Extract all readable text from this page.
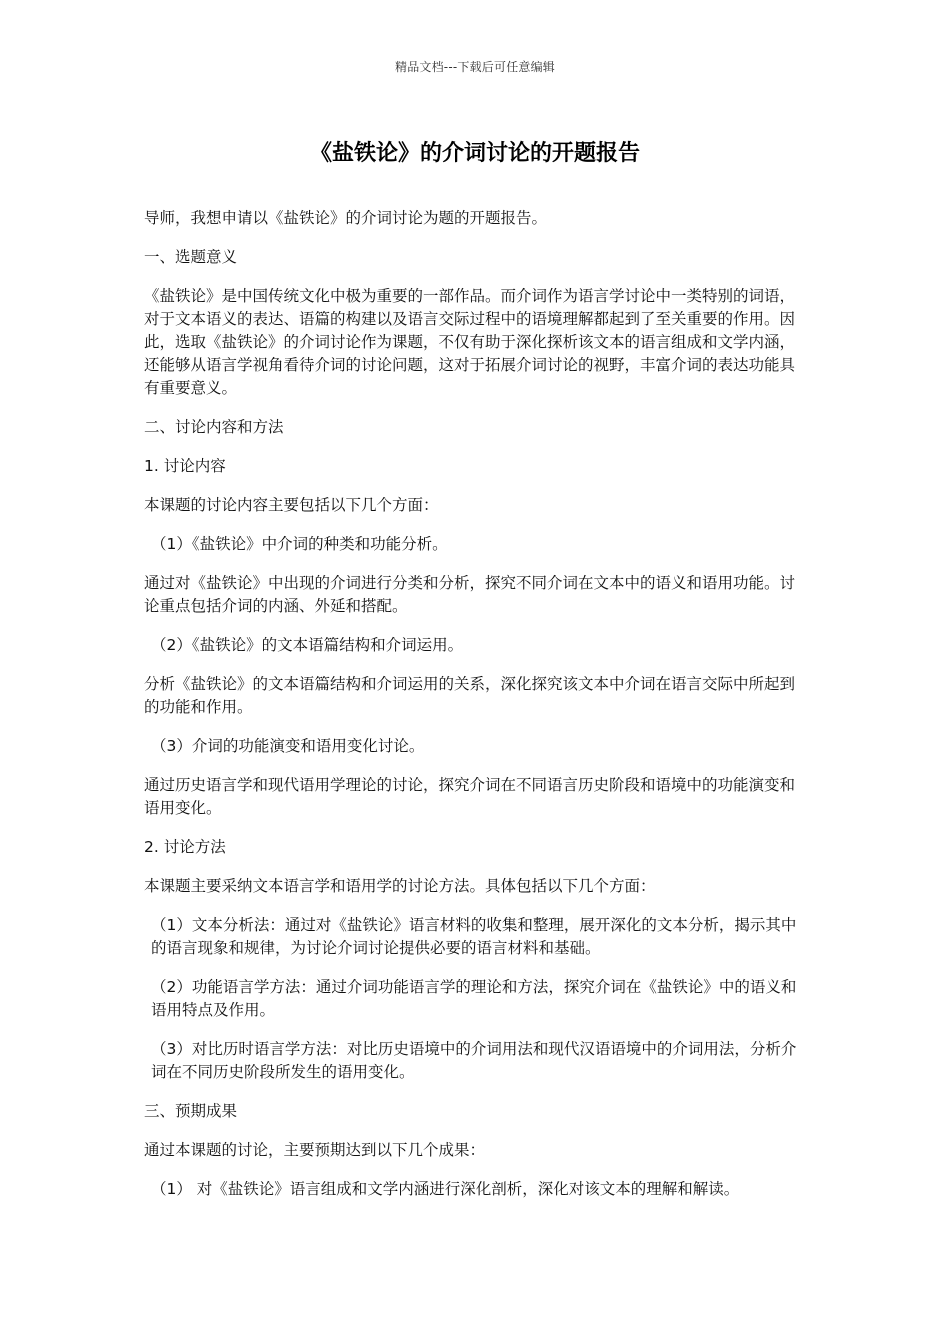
精品文档---下载后可任意编辑
《盐铁论》的介词讨论的开题报告

导师，我想申请以《盐铁论》的介词讨论为题的开题报告。

一、选题意义

《盐铁论》是中国传统文化中极为重要的一部作品。而介词作为语言学讨论中一类特别的词语，对于文本语义的表达、语篇的构建以及语言交际过程中的语境理解都起到了至关重要的作用。因此，选取《盐铁论》的介词讨论作为课题，不仅有助于深化探析该文本的语言组成和文学内涵，还能够从语言学视角看待介词的讨论问题，这对于拓展介词讨论的视野，丰富介词的表达功能具有重要意义。

二、讨论内容和方法

1. 讨论内容

本课题的讨论内容主要包括以下几个方面：

（1）《盐铁论》中介词的种类和功能分析。

通过对《盐铁论》中出现的介词进行分类和分析，探究不同介词在文本中的语义和语用功能。讨论重点包括介词的内涵、外延和搭配。

（2）《盐铁论》的文本语篇结构和介词运用。

分析《盐铁论》的文本语篇结构和介词运用的关系，深化探究该文本中介词在语言交际中所起到的功能和作用。

（3）介词的功能演变和语用变化讨论。

通过历史语言学和现代语用学理论的讨论，探究介词在不同语言历史阶段和语境中的功能演变和语用变化。

2. 讨论方法

本课题主要采纳文本语言学和语用学的讨论方法。具体包括以下几个方面：

（1）文本分析法：通过对《盐铁论》语言材料的收集和整理，展开深化的文本分析，揭示其中的语言现象和规律，为讨论介词讨论提供必要的语言材料和基础。

（2）功能语言学方法：通过介词功能语言学的理论和方法，探究介词在《盐铁论》中的语义和语用特点及作用。

（3）对比历时语言学方法：对比历史语境中的介词用法和现代汉语语境中的介词用法，分析介词在不同历史阶段所发生的语用变化。

三、预期成果

通过本课题的讨论，主要预期达到以下几个成果：

（1） 对《盐铁论》语言组成和文学内涵进行深化剖析，深化对该文本的理解和解读。
